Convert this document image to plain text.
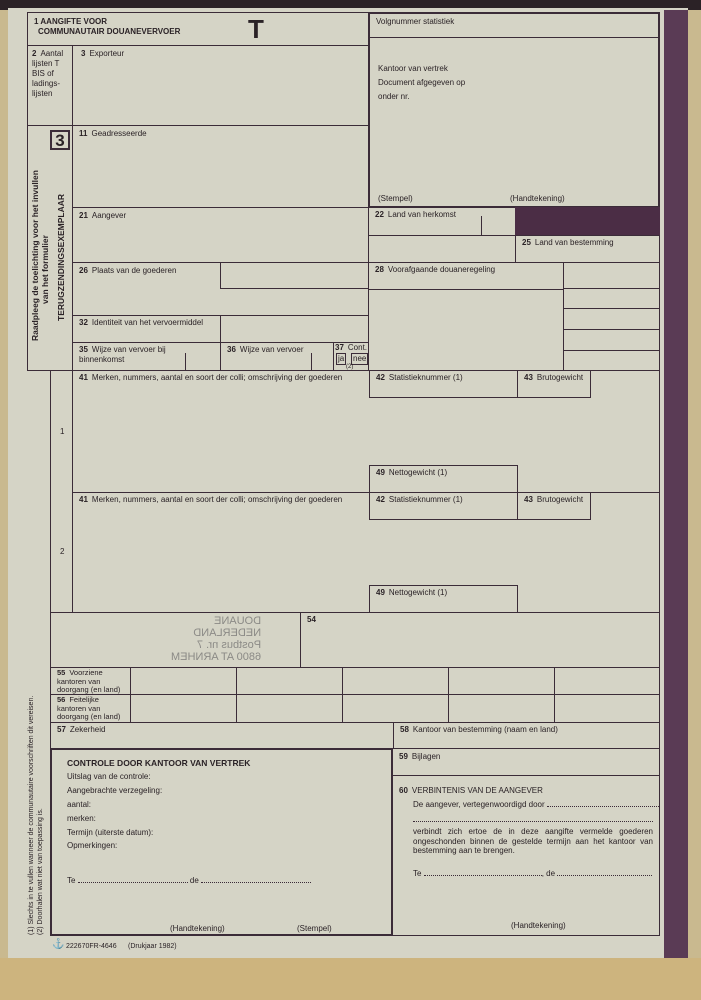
1 AANGIFTE VOOR
COMMUNAUTAIR DOUANEVERVOER	T	Volgnummer statistiek
Kantoor van vertrek
Document afgegeven op
onder nr.
(Stempel)	(Handtekening)
2 Aantal lijsten T BIS of ladings-lijsten
3 Exporteur
3
Raadpleeg de toelichting voor het invullen van het formulier TERUGZENDINGSEXEMPLAAR
11 Geadresseerde
21 Aangever	22 Land van herkomst
25 Land van bestemming
26 Plaats van de goederen	28 Voorafgaande douaneregeling
32 Identiteit van het vervoermiddel
35 Wijze van vervoer bij binnenkomst
36 Wijze van vervoer	37 Cont.
ja nee
(2)
1
2
41 Merken, nummers, aantal en soort der colli; omschrijving der goederen	42 Statistieknummer (1)	43 Brutogewicht
49 Nettogewicht (1)
41 Merken, nummers, aantal en soort der colli; omschrijving der goederen	42 Statistieknummer (1)	43 Brutogewicht
49 Nettogewicht (1)
DOUANE
NEDERLAND
Postbus nr. 7
6800 AT ARNHEM
54
55 Voorziene kantoren van doorgang (en land)
56 Feitelijke kantoren van doorgang (en land)
57 Zekerheid	58 Kantoor van bestemming (naam en land)
CONTROLE DOOR KANTOOR VAN VERTREK
Uitslag van de controle:
Aangebrachte verzegeling:
aantal:
merken:
Termijn (uiterste datum):
Opmerkingen:
Te	de
(Handtekening)	(Stempel)
59 Bijlagen
60 VERBINTENIS VAN DE AANGEVER
De aangever, vertegenwoordigd door
verbindt zich ertoe de in deze aangifte vermelde goederen ongeschonden binnen de gestelde termijn aan het kantoor van bestemming aan te brengen.
Te	, de
(Handtekening)
(1) Slechts in te vullen wanneer de communautaire voorschriften dit vereisen. (2) Doorhalen wat niet van toepassing is.
⚓ 222670FR-4646 (Drukjaar 1982)
